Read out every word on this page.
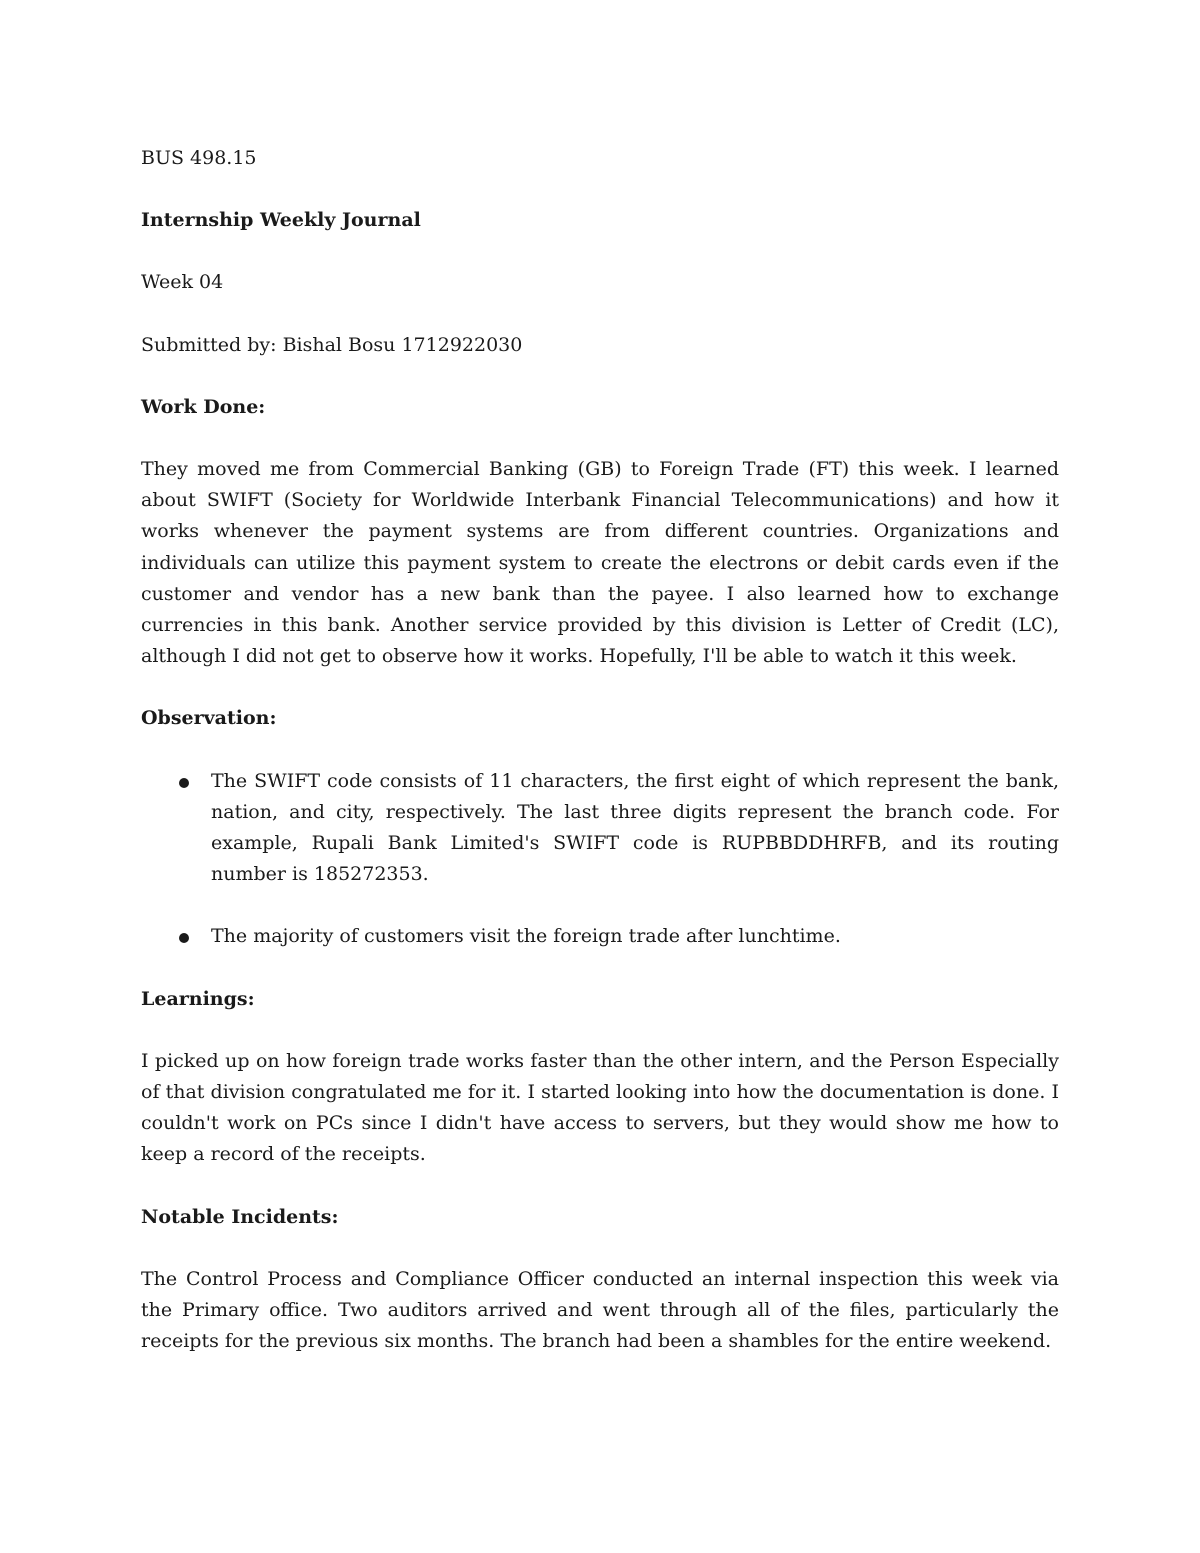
BUS 498.15

Internship Weekly Journal

Week 04

Submitted by: Bishal Bosu 1712922030

Work Done:

They moved me from Commercial Banking (GB) to Foreign Trade (FT) this week. I learned about SWIFT (Society for Worldwide Interbank Financial Telecommunications) and how it works whenever the payment systems are from different countries. Organizations and individuals can utilize this payment system to create the electrons or debit cards even if the customer and vendor has a new bank than the payee. I also learned how to exchange currencies in this bank. Another service provided by this division is Letter of Credit (LC), although I did not get to observe how it works. Hopefully, I'll be able to watch it this week.

Observation:

The SWIFT code consists of 11 characters, the first eight of which represent the bank, nation, and city, respectively. The last three digits represent the branch code. For example, Rupali Bank Limited's SWIFT code is RUPBBDDHRFB, and its routing number is 185272353.
The majority of customers visit the foreign trade after lunchtime.

Learnings:

I picked up on how foreign trade works faster than the other intern, and the Person Especially of that division congratulated me for it. I started looking into how the documentation is done. I couldn't work on PCs since I didn't have access to servers, but they would show me how to keep a record of the receipts.

Notable Incidents:

The Control Process and Compliance Officer conducted an internal inspection this week via the Primary office. Two auditors arrived and went through all of the files, particularly the receipts for the previous six months. The branch had been a shambles for the entire weekend.
